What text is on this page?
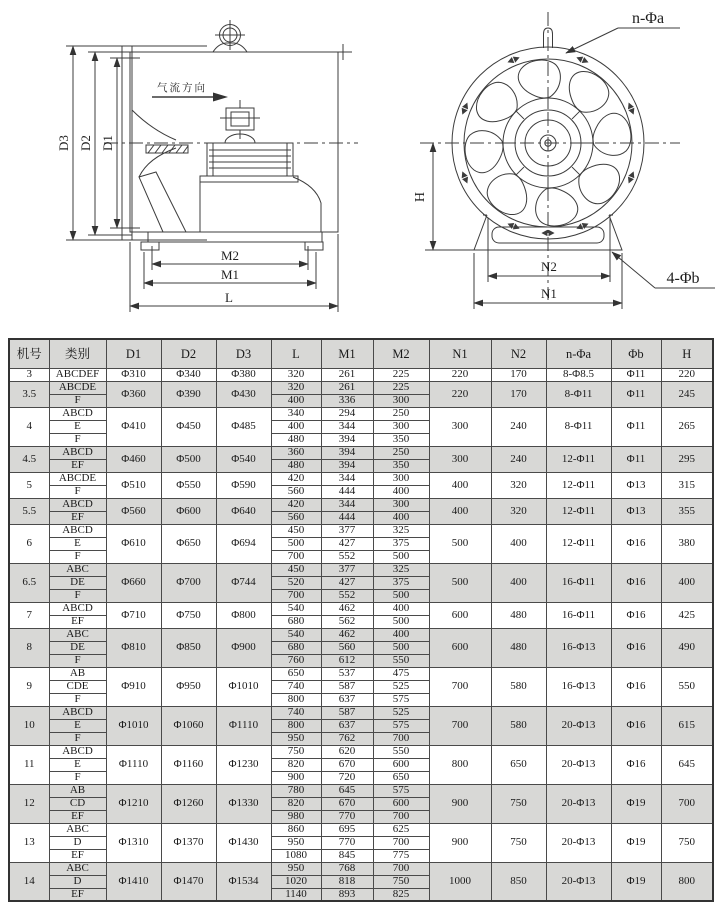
气流方向
D3 D2 D1
M2
M1
L
n-Φa
4-Φb
H
N2
N1
机号	类别	D1	D2	D3	L	M1	M2	N1	N2	n-Φa	Φb	H
3	ABCDEF	Φ310	Φ340	Φ380	320	261	225	220	170	8-Φ8.5	Φ11	220
3.5	ABCDE	Φ360	Φ390	Φ430	320	261	225	220	170	8-Φ11	Φ11	245
	F				400	336	300					
4	ABCD	Φ410	Φ450	Φ485	340	294	250	300	240	8-Φ11	Φ11	265
	E				400	344	300					
	F				480	394	350					
4.5	ABCD	Φ460	Φ500	Φ540	360	394	250	300	240	12-Φ11	Φ11	295
	EF				480	394	350					
5	ABCDE	Φ510	Φ550	Φ590	420	344	300	400	320	12-Φ11	Φ13	315
	F				560	444	400					
5.5	ABCD	Φ560	Φ600	Φ640	420	344	300	400	320	12-Φ11	Φ13	355
	EF				560	444	400					
6	ABCD	Φ610	Φ650	Φ694	450	377	325	500	400	12-Φ11	Φ16	380
	E				500	427	375					
	F				700	552	500					
6.5	ABC	Φ660	Φ700	Φ744	450	377	325	500	400	16-Φ11	Φ16	400
	DE				520	427	375					
	F				700	552	500					
7	ABCD	Φ710	Φ750	Φ800	540	462	400	600	480	16-Φ11	Φ16	425
	EF				680	562	500					
8	ABC	Φ810	Φ850	Φ900	540	462	400	600	480	16-Φ13	Φ16	490
	DE				680	560	500					
	F				760	612	550					
9	AB	Φ910	Φ950	Φ1010	650	537	475	700	580	16-Φ13	Φ16	550
	CDE				740	587	525					
	F				800	637	575					
10	ABCD	Φ1010	Φ1060	Φ1110	740	587	525	700	580	20-Φ13	Φ16	615
	E				800	637	575					
	F				950	762	700					
11	ABCD	Φ1110	Φ1160	Φ1230	750	620	550	800	650	20-Φ13	Φ16	645
	E				820	670	600					
	F				900	720	650					
12	AB	Φ1210	Φ1260	Φ1330	780	645	575	900	750	20-Φ13	Φ19	700
	CD				820	670	600					
	EF				980	770	700					
13	ABC	Φ1310	Φ1370	Φ1430	860	695	625	900	750	20-Φ13	Φ19	750
	D				950	770	700					
	EF				1080	845	775					
14	ABC	Φ1410	Φ1470	Φ1534	950	768	700	1000	850	20-Φ13	Φ19	800
	D				1020	818	750					
	EF				1140	893	825					
